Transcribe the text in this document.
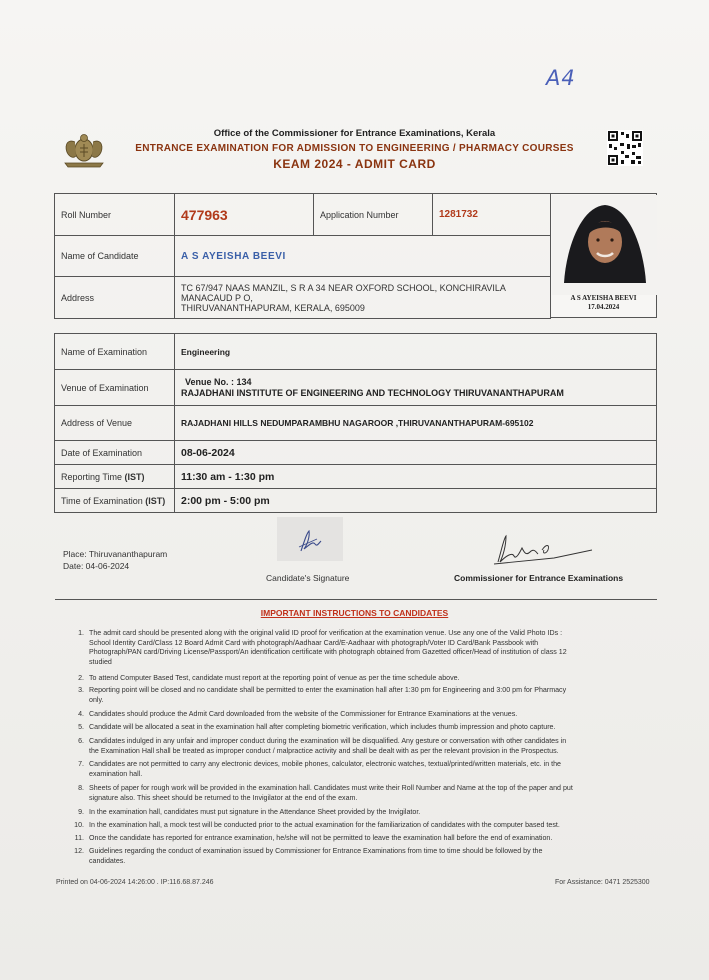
A4
Office of the Commissioner for Entrance Examinations, Kerala
ENTRANCE EXAMINATION FOR ADMISSION TO ENGINEERING / PHARMACY COURSES
KEAM 2024 - ADMIT CARD
Roll Number	477963	Application Number	1281732
Name of Candidate	A S AYEISHA BEEVI		
Address	TC 67/947 NAAS MANZIL, S R A 34 NEAR OXFORD SCHOOL, KONCHIRAVILA MANACAUD P O,
THIRUVANANTHAPURAM, KERALA, 695009		
A S AYEISHA BEEVI
17.04.2024
Name of Examination	Engineering
Venue of Examination	Venue No. : 134
RAJADHANI INSTITUTE OF ENGINEERING AND TECHNOLOGY THIRUVANANTHAPURAM

Address of Venue	RAJADHANI HILLS NEDUMPARAMBHU NAGAROOR ,THIRUVANANTHAPURAM-695102
Date of Examination	08-06-2024
Reporting Time (IST)	11:30 am - 1:30 pm
Time of Examination (IST)	2:00 pm - 5:00 pm
Place: Thiruvananthapuram
Date: 04-06-2024
Candidate's Signature	Commissioner for Entrance Examinations
IMPORTANT INSTRUCTIONS TO CANDIDATES
1. The admit card should be presented along with the original valid ID proof for verification at the examination venue. Use any one of the Valid Photo IDs :
School Identity Card/Class 12 Board Admit Card with photograph/Aadhaar Card/E-Aadhaar with photograph/Voter ID Card/Bank Passbook with
Photograph/PAN card/Driving License/Passport/An identification certificate with photograph obtained from Gazetted officer/Head of institution of class 12
studied
2. To attend Computer Based Test, candidate must report at the reporting point of venue as per the time schedule above.
3. Reporting point will be closed and no candidate shall be permitted to enter the examination hall after 1:30 pm for Engineering and 3:00 pm for Pharmacy
only.
4. Candidates should produce the Admit Card downloaded from the website of the Commissioner for Entrance Examinations at the venues.
5. Candidate will be allocated a seat in the examination hall after completing biometric verification, which includes thumb impression and photo capture.
6. Candidates indulged in any unfair and improper conduct during the examination will be disqualified. Any gesture or conversation with other candidates in
the Examination Hall shall be treated as improper conduct / malpractice activity and shall be dealt with as per the relevant provision in the Prospectus.
7. Candidates are not permitted to carry any electronic devices, mobile phones, calculator, electronic watches, textual/printed/written materials, etc. in the
examination hall.
8. Sheets of paper for rough work will be provided in the examination hall. Candidates must write their Roll Number and Name at the top of the paper and put
signature also. This sheet should be returned to the Invigilator at the end of the exam.
9. In the examination hall, candidates must put signature in the Attendance Sheet provided by the Invigilator.
10. In the examination hall, a mock test will be conducted prior to the actual examination for the familiarization of candidates with the computer based test.
11. Once the candidate has reported for entrance examination, he/she will not be permitted to leave the examination hall before the end of examination.
12. Guidelines regarding the conduct of examination issued by Commissioner for Entrance Examinations from time to time should be followed by the
candidates.
Printed on 04-06-2024 14:26:00 . IP:116.68.87.246	For Assistance: 0471 2525300
